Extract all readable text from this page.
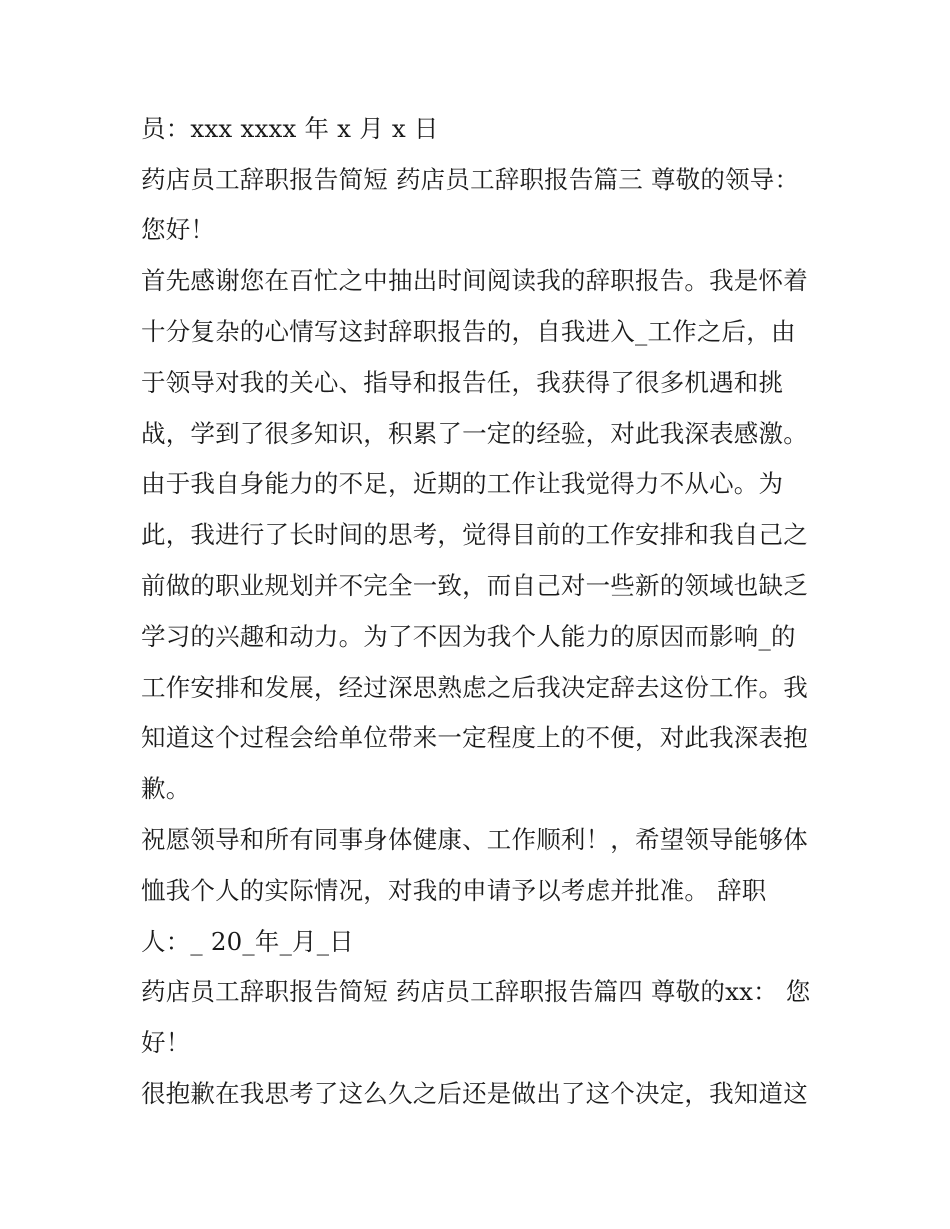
员：xxx xxxx 年 x 月 x 日
药店员工辞职报告简短 药店员工辞职报告篇三 尊敬的领导：
您好！
首先感谢您在百忙之中抽出时间阅读我的辞职报告。我是怀着
十分复杂的心情写这封辞职报告的，自我进入_工作之后，由
于领导对我的关心、指导和报告任，我获得了很多机遇和挑
战，学到了很多知识，积累了一定的经验，对此我深表感激。
由于我自身能力的不足，近期的工作让我觉得力不从心。为
此，我进行了长时间的思考，觉得目前的工作安排和我自己之
前做的职业规划并不完全一致，而自己对一些新的领域也缺乏
学习的兴趣和动力。为了不因为我个人能力的原因而影响_的
工作安排和发展，经过深思熟虑之后我决定辞去这份工作。我
知道这个过程会给单位带来一定程度上的不便，对此我深表抱
歉。
祝愿领导和所有同事身体健康、工作顺利！，希望领导能够体
恤我个人的实际情况，对我的申请予以考虑并批准。 辞职
人：_ 20_年_月_日
药店员工辞职报告简短 药店员工辞职报告篇四 尊敬的xx： 您
好！
很抱歉在我思考了这么久之后还是做出了这个决定，我知道这
